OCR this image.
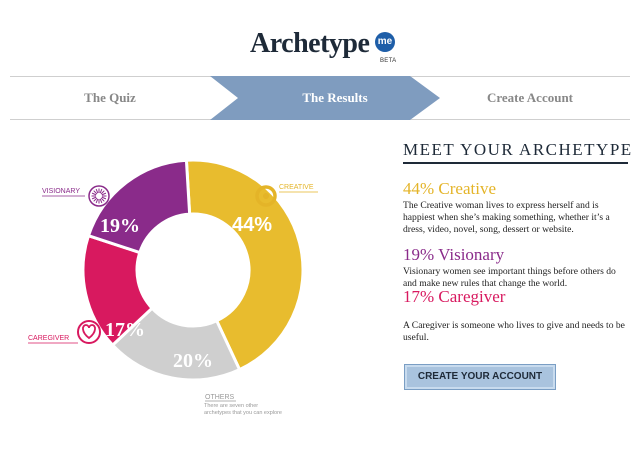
Archetype me
BETA
The Quiz	The Results	Create Account
44%
20%
17%
19%
CREATIVE
VISIONARY
CAREGIVER
OTHERS
There are seven other archetypes that you can explore
MEET YOUR ARCHETYPE
44% Creative
The Creative woman lives to express herself and is happiest when she’s making something, whether it’s a dress, video, novel, song, dessert or website.
19% Visionary
Visionary women see important things before others do and make new rules that change the world.
17% Caregiver
A Caregiver is someone who lives to give and needs to be useful.
CREATE YOUR ACCOUNT
